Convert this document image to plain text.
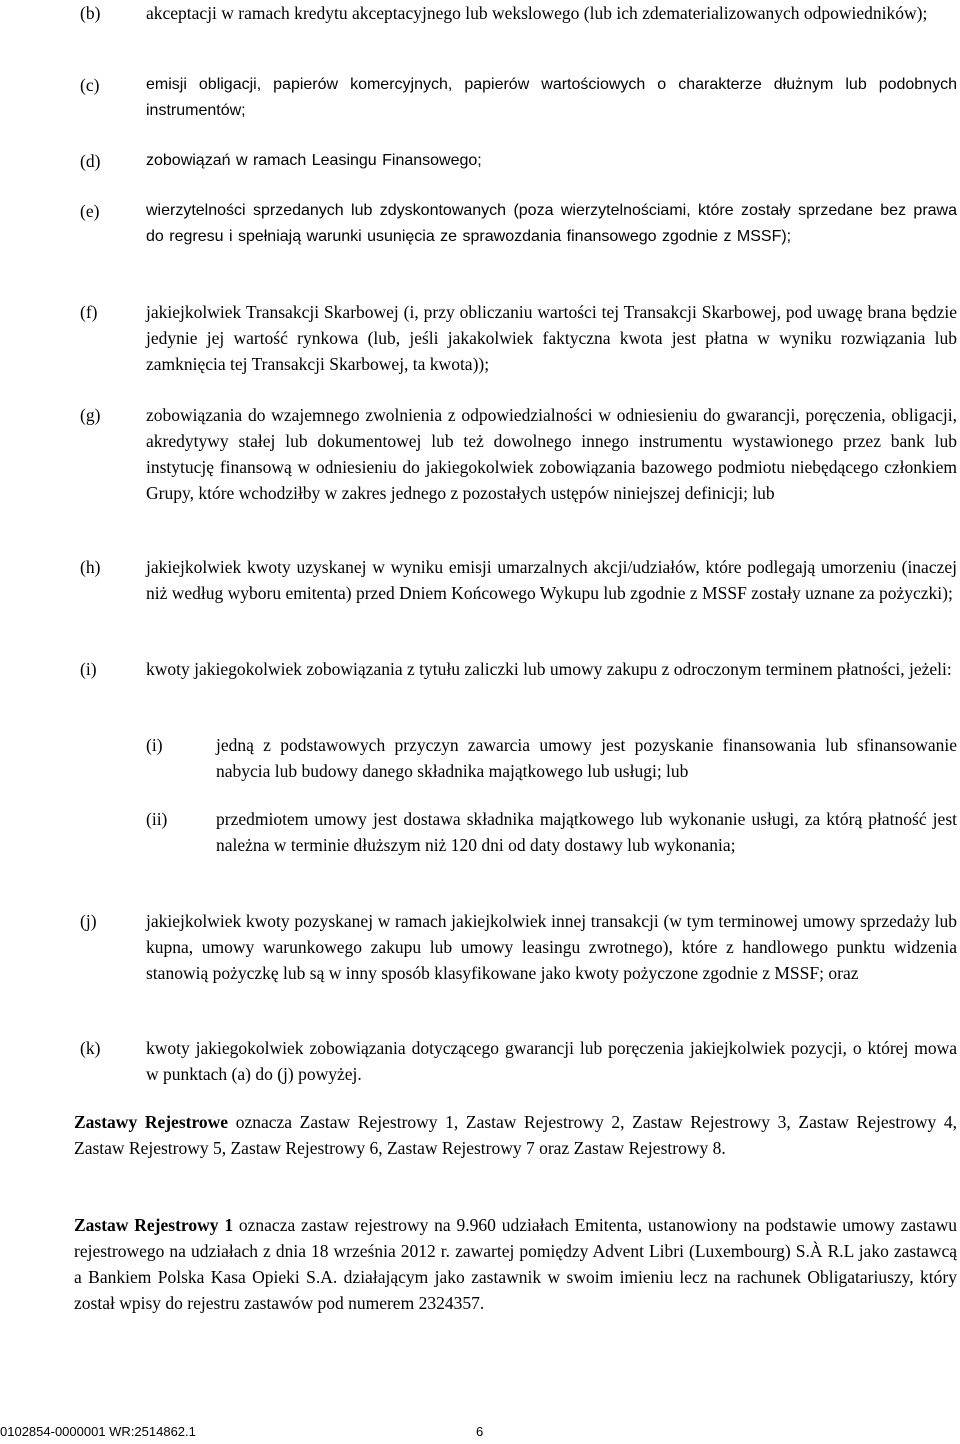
(b)	akceptacji w ramach kredytu akceptacyjnego lub wekslowego (lub ich zdematerializowanych odpowiedników);
(c)	emisji obligacji, papierów komercyjnych, papierów wartościowych o charakterze dłużnym lub podobnych instrumentów;
(d)	zobowiązań w ramach Leasingu Finansowego;
(e)	wierzytelności sprzedanych lub zdyskontowanych (poza wierzytelnościami, które zostały sprzedane bez prawa do regresu i spełniają warunki usunięcia ze sprawozdania finansowego zgodnie z MSSF);
(f)	jakiejkolwiek Transakcji Skarbowej (i, przy obliczaniu wartości tej Transakcji Skarbowej, pod uwagę brana będzie jedynie jej wartość rynkowa (lub, jeśli jakakolwiek faktyczna kwota jest płatna w wyniku rozwiązania lub zamknięcia tej Transakcji Skarbowej, ta kwota));
(g)	zobowiązania do wzajemnego zwolnienia z odpowiedzialności w odniesieniu do gwarancji, poręczenia, obligacji, akredytywy stałej lub dokumentowej lub też dowolnego innego instrumentu wystawionego przez bank lub instytucję finansową w odniesieniu do jakiegokolwiek zobowiązania bazowego podmiotu niebędącego członkiem Grupy, które wchodziłby w zakres jednego z pozostałych ustępów niniejszej definicji; lub
(h)	jakiejkolwiek kwoty uzyskanej w wyniku emisji umarzalnych akcji/udziałów, które podlegają umorzeniu (inaczej niż według wyboru emitenta) przed Dniem Końcowego Wykupu lub zgodnie z MSSF zostały uznane za pożyczki);
(i)	kwoty jakiegokolwiek zobowiązania z tytułu zaliczki lub umowy zakupu z odroczonym terminem płatności, jeżeli:
(i)	jedną z podstawowych przyczyn zawarcia umowy jest pozyskanie finansowania lub sfinansowanie nabycia lub budowy danego składnika majątkowego lub usługi; lub
(ii)	przedmiotem umowy jest dostawa składnika majątkowego lub wykonanie usługi, za którą płatność jest należna w terminie dłuższym niż 120 dni od daty dostawy lub wykonania;
(j)	jakiejkolwiek kwoty pozyskanej w ramach jakiejkolwiek innej transakcji (w tym terminowej umowy sprzedaży lub kupna, umowy warunkowego zakupu lub umowy leasingu zwrotnego), które z handlowego punktu widzenia stanowią pożyczkę lub są w inny sposób klasyfikowane jako kwoty pożyczone zgodnie z MSSF; oraz
(k)	kwoty jakiegokolwiek zobowiązania dotyczącego gwarancji lub poręczenia jakiejkolwiek pozycji, o której mowa w punktach (a) do (j) powyżej.
Zastawy Rejestrowe oznacza Zastaw Rejestrowy 1, Zastaw Rejestrowy 2, Zastaw Rejestrowy 3, Zastaw Rejestrowy 4, Zastaw Rejestrowy 5, Zastaw Rejestrowy 6, Zastaw Rejestrowy 7 oraz Zastaw Rejestrowy 8.
Zastaw Rejestrowy 1 oznacza zastaw rejestrowy na 9.960 udziałach Emitenta, ustanowiony na podstawie umowy zastawu rejestrowego na udziałach z dnia 18 września 2012 r. zawartej pomiędzy Advent Libri (Luxembourg) S.À R.L jako zastawcą a Bankiem Polska Kasa Opieki S.A. działającym jako zastawnik w swoim imieniu lecz na rachunek Obligatariuszy, który został wpisy do rejestru zastawów pod numerem 2324357.
0102854-0000001 WR:2514862.1	6
